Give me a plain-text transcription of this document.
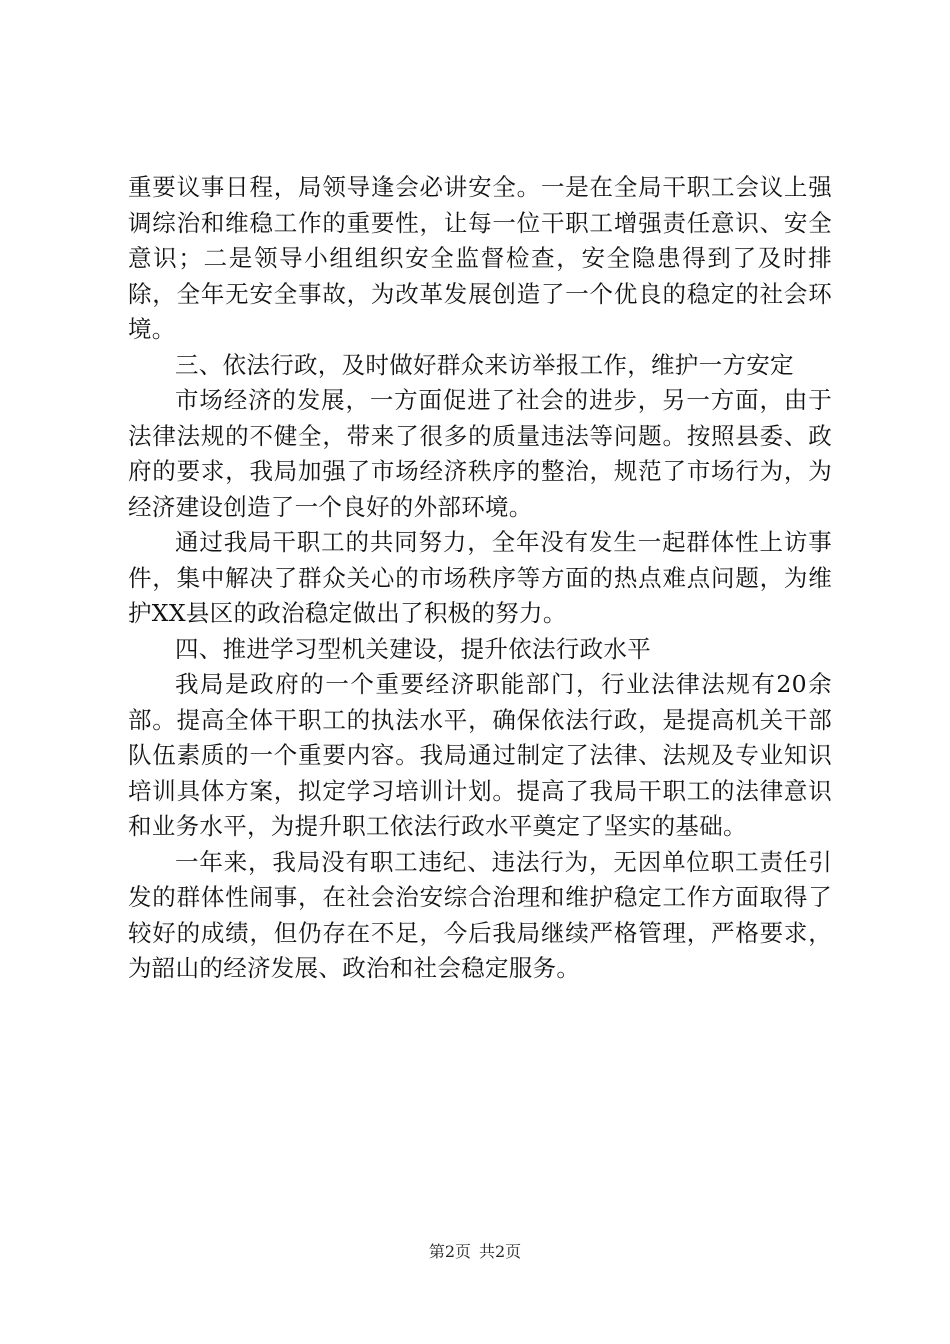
重要议事日程，局领导逢会必讲安全。一是在全局干职工会议上强调综治和维稳工作的重要性，让每一位干职工增强责任意识、安全意识；二是领导小组组织安全监督检查，安全隐患得到了及时排除，全年无安全事故，为改革发展创造了一个优良的稳定的社会环境。

三、依法行政，及时做好群众来访举报工作，维护一方安定

市场经济的发展，一方面促进了社会的进步，另一方面，由于法律法规的不健全，带来了很多的质量违法等问题。按照县委、政府的要求，我局加强了市场经济秩序的整治，规范了市场行为，为经济建设创造了一个良好的外部环境。

通过我局干职工的共同努力，全年没有发生一起群体性上访事件，集中解决了群众关心的市场秩序等方面的热点难点问题，为维护XX县区的政治稳定做出了积极的努力。

四、推进学习型机关建设，提升依法行政水平

我局是政府的一个重要经济职能部门，行业法律法规有20余部。提高全体干职工的执法水平，确保依法行政，是提高机关干部队伍素质的一个重要内容。我局通过制定了法律、法规及专业知识培训具体方案，拟定学习培训计划。提高了我局干职工的法律意识和业务水平，为提升职工依法行政水平奠定了坚实的基础。

一年来，我局没有职工违纪、违法行为，无因单位职工责任引发的群体性闹事，在社会治安综合治理和维护稳定工作方面取得了较好的成绩，但仍存在不足，今后我局继续严格管理，严格要求，为韶山的经济发展、政治和社会稳定服务。

第2页 共2页
